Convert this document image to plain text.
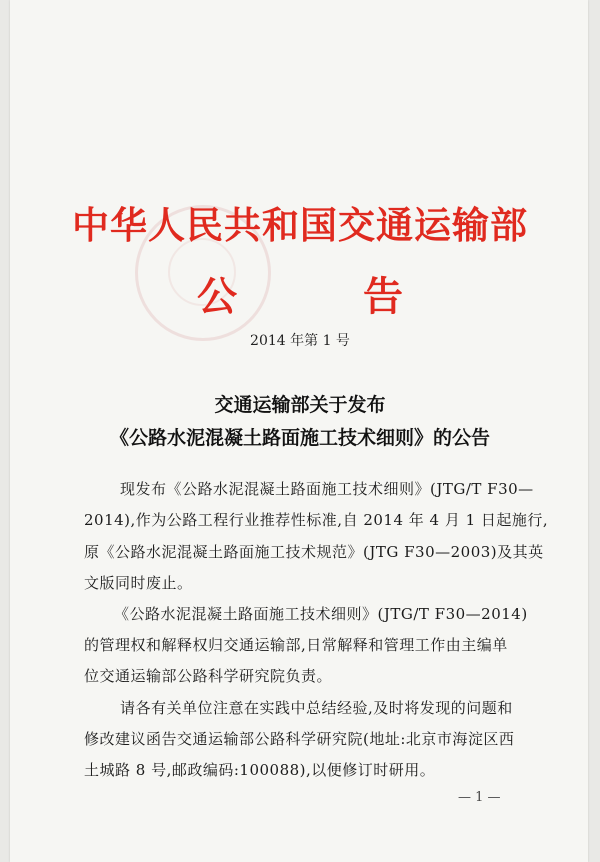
中华人民共和国交通运输部
公 告
2014 年第 1 号
交通运输部关于发布
《公路水泥混凝土路面施工技术细则》的公告
现发布《公路水泥混凝土路面施工技术细则》(JTG/T F30—
2014),作为公路工程行业推荐性标准,自 2014 年 4 月 1 日起施行,
原《公路水泥混凝土路面施工技术规范》(JTG F30—2003)及其英
文版同时废止。
《公路水泥混凝土路面施工技术细则》(JTG/T F30—2014)
的管理权和解释权归交通运输部,日常解释和管理工作由主编单
位交通运输部公路科学研究院负责。
请各有关单位注意在实践中总结经验,及时将发现的问题和
修改建议函告交通运输部公路科学研究院(地址:北京市海淀区西
土城路 8 号,邮政编码:100088),以便修订时研用。
— 1 —
